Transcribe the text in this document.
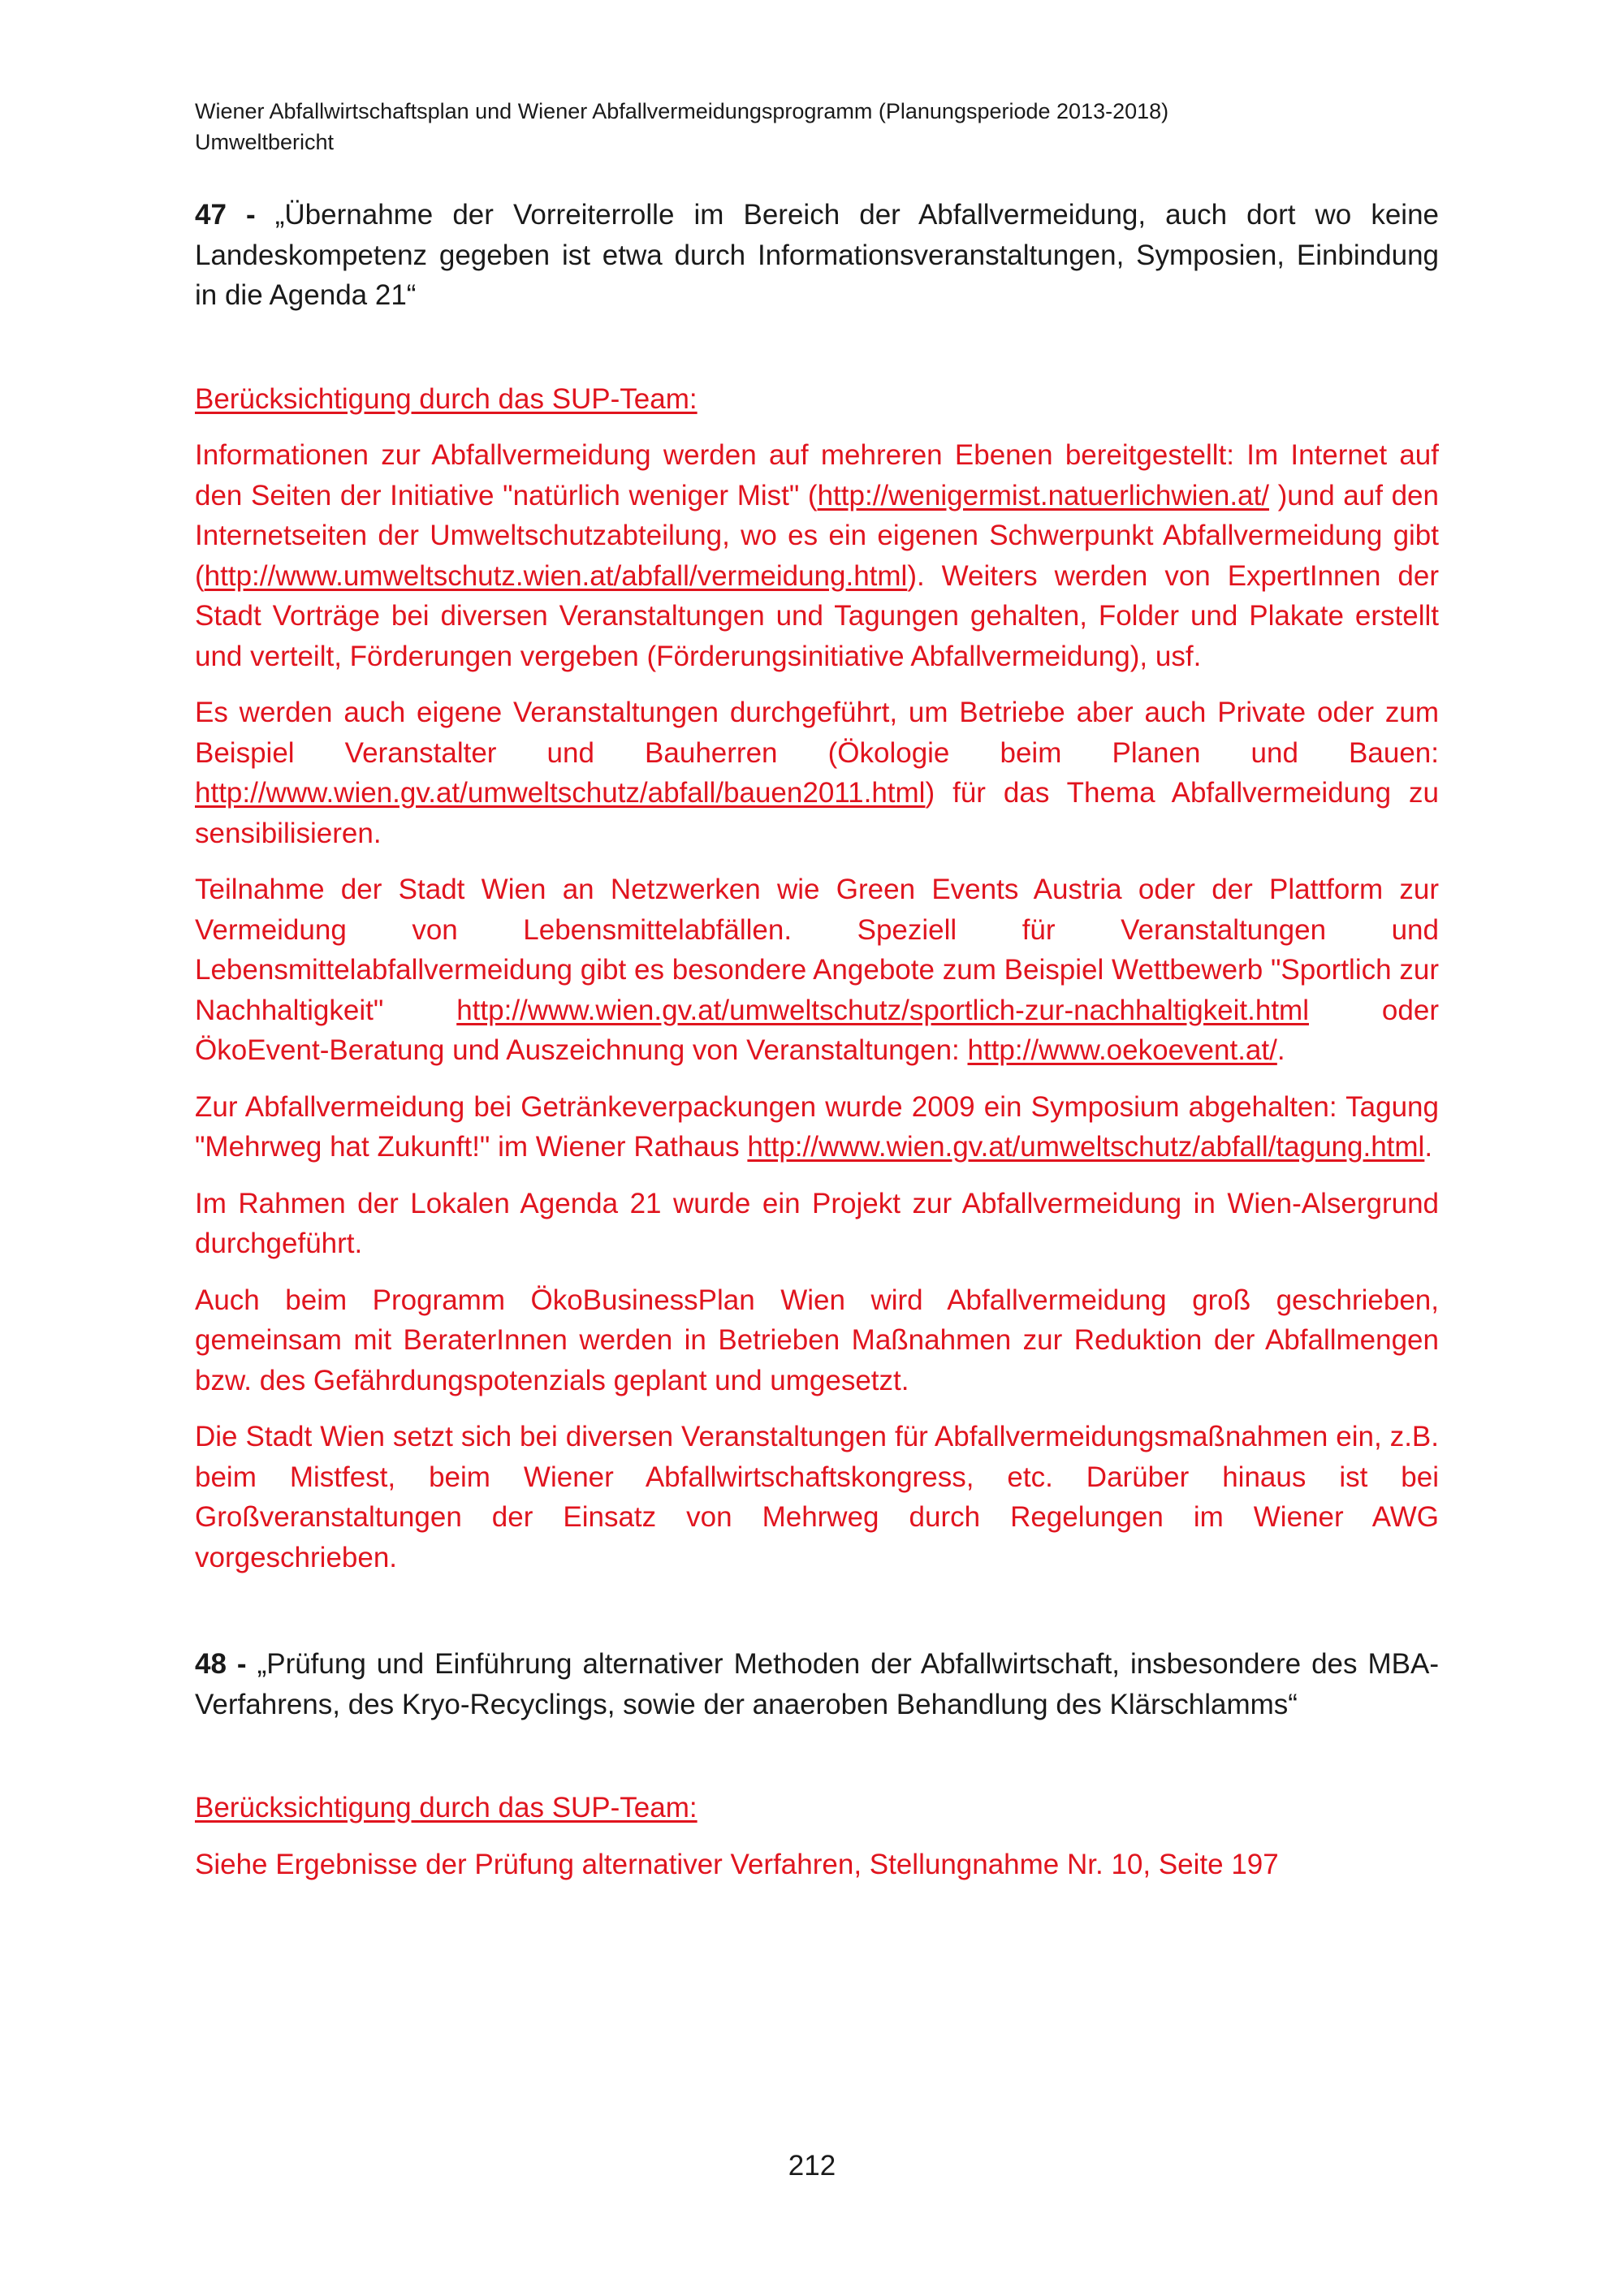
Wiener Abfallwirtschaftsplan und Wiener Abfallvermeidungsprogramm (Planungsperiode 2013-2018)
Umweltbericht
47 - „Übernahme der Vorreiterrolle im Bereich der Abfallvermeidung, auch dort wo keine Landeskompetenz gegeben ist etwa durch Informationsveranstaltungen, Symposien, Einbindung in die Agenda 21“
Berücksichtigung durch das SUP-Team:

Informationen zur Abfallvermeidung werden auf mehreren Ebenen bereitgestellt: Im Internet auf den Seiten der Initiative "natürlich weniger Mist" (http://wenigermist.natuerlichwien.at/ )und auf den Internetseiten der Umweltschutzabteilung, wo es ein eigenen Schwerpunkt Abfallvermeidung gibt (http://www.umweltschutz.wien.at/abfall/vermeidung.html). Weiters werden von ExpertInnen der Stadt Vorträge bei diversen Veranstaltungen und Tagungen gehalten, Folder und Plakate erstellt und verteilt, Förderungen vergeben (Förderungsinitiative Abfallvermeidung), usf.

Es werden auch eigene Veranstaltungen durchgeführt, um Betriebe aber auch Private oder zum Beispiel Veranstalter und Bauherren (Ökologie beim Planen und Bauen: http://www.wien.gv.at/umweltschutz/abfall/bauen2011.html) für das Thema Abfallvermeidung zu sensibilisieren.

Teilnahme der Stadt Wien an Netzwerken wie Green Events Austria oder der Plattform zur Vermeidung von Lebensmittelabfällen. Speziell für Veranstaltungen und Lebensmittelabfallvermeidung gibt es besondere Angebote zum Beispiel Wettbewerb "Sportlich zur Nachhaltigkeit" http://www.wien.gv.at/umweltschutz/sportlich-zur-nachhaltigkeit.html oder ÖkoEvent-Beratung und Auszeichnung von Veranstaltungen: http://www.oekoevent.at/.

Zur Abfallvermeidung bei Getränkeverpackungen wurde 2009 ein Symposium abgehalten: Tagung "Mehrweg hat Zukunft!" im Wiener Rathaus http://www.wien.gv.at/umweltschutz/abfall/tagung.html.

Im Rahmen der Lokalen Agenda 21 wurde ein Projekt zur Abfallvermeidung in Wien-Alsergrund durchgeführt.

Auch beim Programm ÖkoBusinessPlan Wien wird Abfallvermeidung groß geschrieben, gemeinsam mit BeraterInnen werden in Betrieben Maßnahmen zur Reduktion der Abfallmengen bzw. des Gefährdungspotenzials geplant und umgesetzt.

Die Stadt Wien setzt sich bei diversen Veranstaltungen für Abfallvermeidungsmaßnahmen ein, z.B. beim Mistfest, beim Wiener Abfallwirtschaftskongress, etc. Darüber hinaus ist bei Großveranstaltungen der Einsatz von Mehrweg durch Regelungen im Wiener AWG vorgeschrieben.

48 - „Prüfung und Einführung alternativer Methoden der Abfallwirtschaft, insbesondere des MBA-Verfahrens, des Kryo-Recyclings, sowie der anaeroben Behandlung des Klärschlamms“
Berücksichtigung durch das SUP-Team:

Siehe Ergebnisse der Prüfung alternativer Verfahren, Stellungnahme Nr. 10, Seite 197

212
